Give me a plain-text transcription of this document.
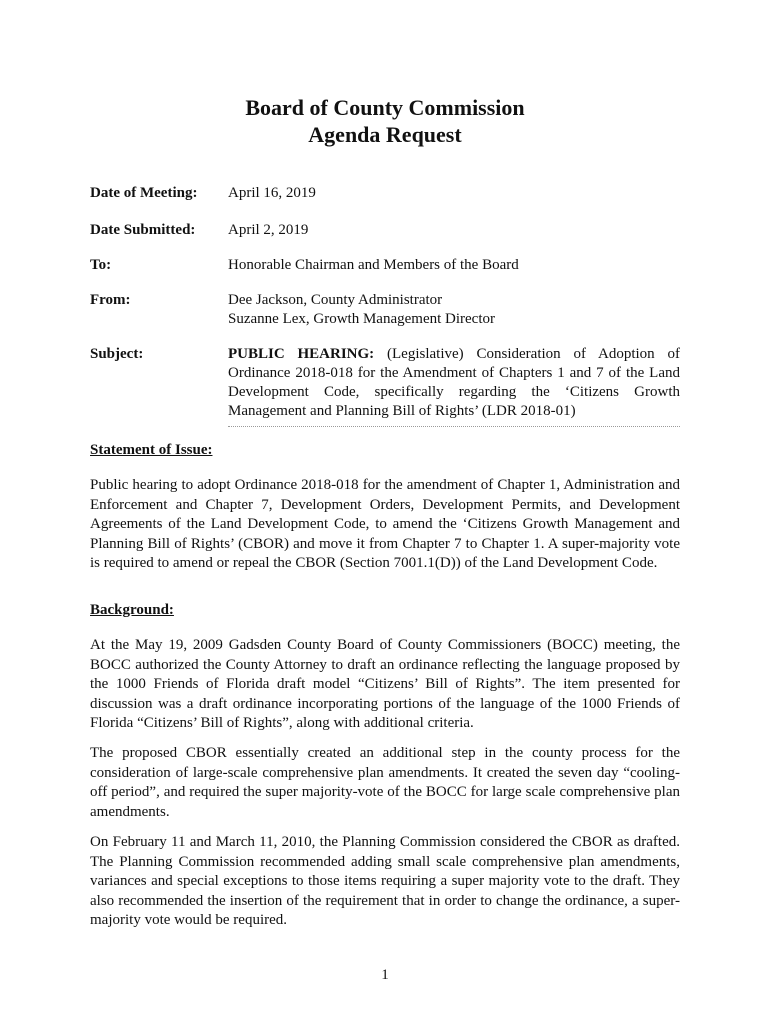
Board of County Commission
Agenda Request
Date of Meeting: April 16, 2019
Date Submitted: April 2, 2019
To:	Honorable Chairman and Members of the Board
From:	Dee Jackson, County Administrator
Suzanne Lex, Growth Management Director
Subject:	PUBLIC HEARING: (Legislative) Consideration of Adoption of Ordinance 2018-018 for the Amendment of Chapters 1 and 7 of the Land Development Code, specifically regarding the ‘Citizens Growth Management and Planning Bill of Rights’ (LDR 2018-01)
Statement of Issue:
Public hearing to adopt Ordinance 2018-018 for the amendment of Chapter 1, Administration and Enforcement and Chapter 7, Development Orders, Development Permits, and Development Agreements of the Land Development Code, to amend the ‘Citizens Growth Management and Planning Bill of Rights’ (CBOR) and move it from Chapter 7 to Chapter 1. A super-majority vote is required to amend or repeal the CBOR (Section 7001.1(D)) of the Land Development Code.
Background:
At the May 19, 2009 Gadsden County Board of County Commissioners (BOCC) meeting, the BOCC authorized the County Attorney to draft an ordinance reflecting the language proposed by the 1000 Friends of Florida draft model “Citizens’ Bill of Rights”. The item presented for discussion was a draft ordinance incorporating portions of the language of the 1000 Friends of Florida “Citizens’ Bill of Rights”, along with additional criteria.
The proposed CBOR essentially created an additional step in the county process for the consideration of large-scale comprehensive plan amendments. It created the seven day “cooling-off period”, and required the super majority-vote of the BOCC for large scale comprehensive plan amendments.
On February 11 and March 11, 2010, the Planning Commission considered the CBOR as drafted. The Planning Commission recommended adding small scale comprehensive plan amendments, variances and special exceptions to those items requiring a super majority vote to the draft. They also recommended the insertion of the requirement that in order to change the ordinance, a super-majority vote would be required.
1
